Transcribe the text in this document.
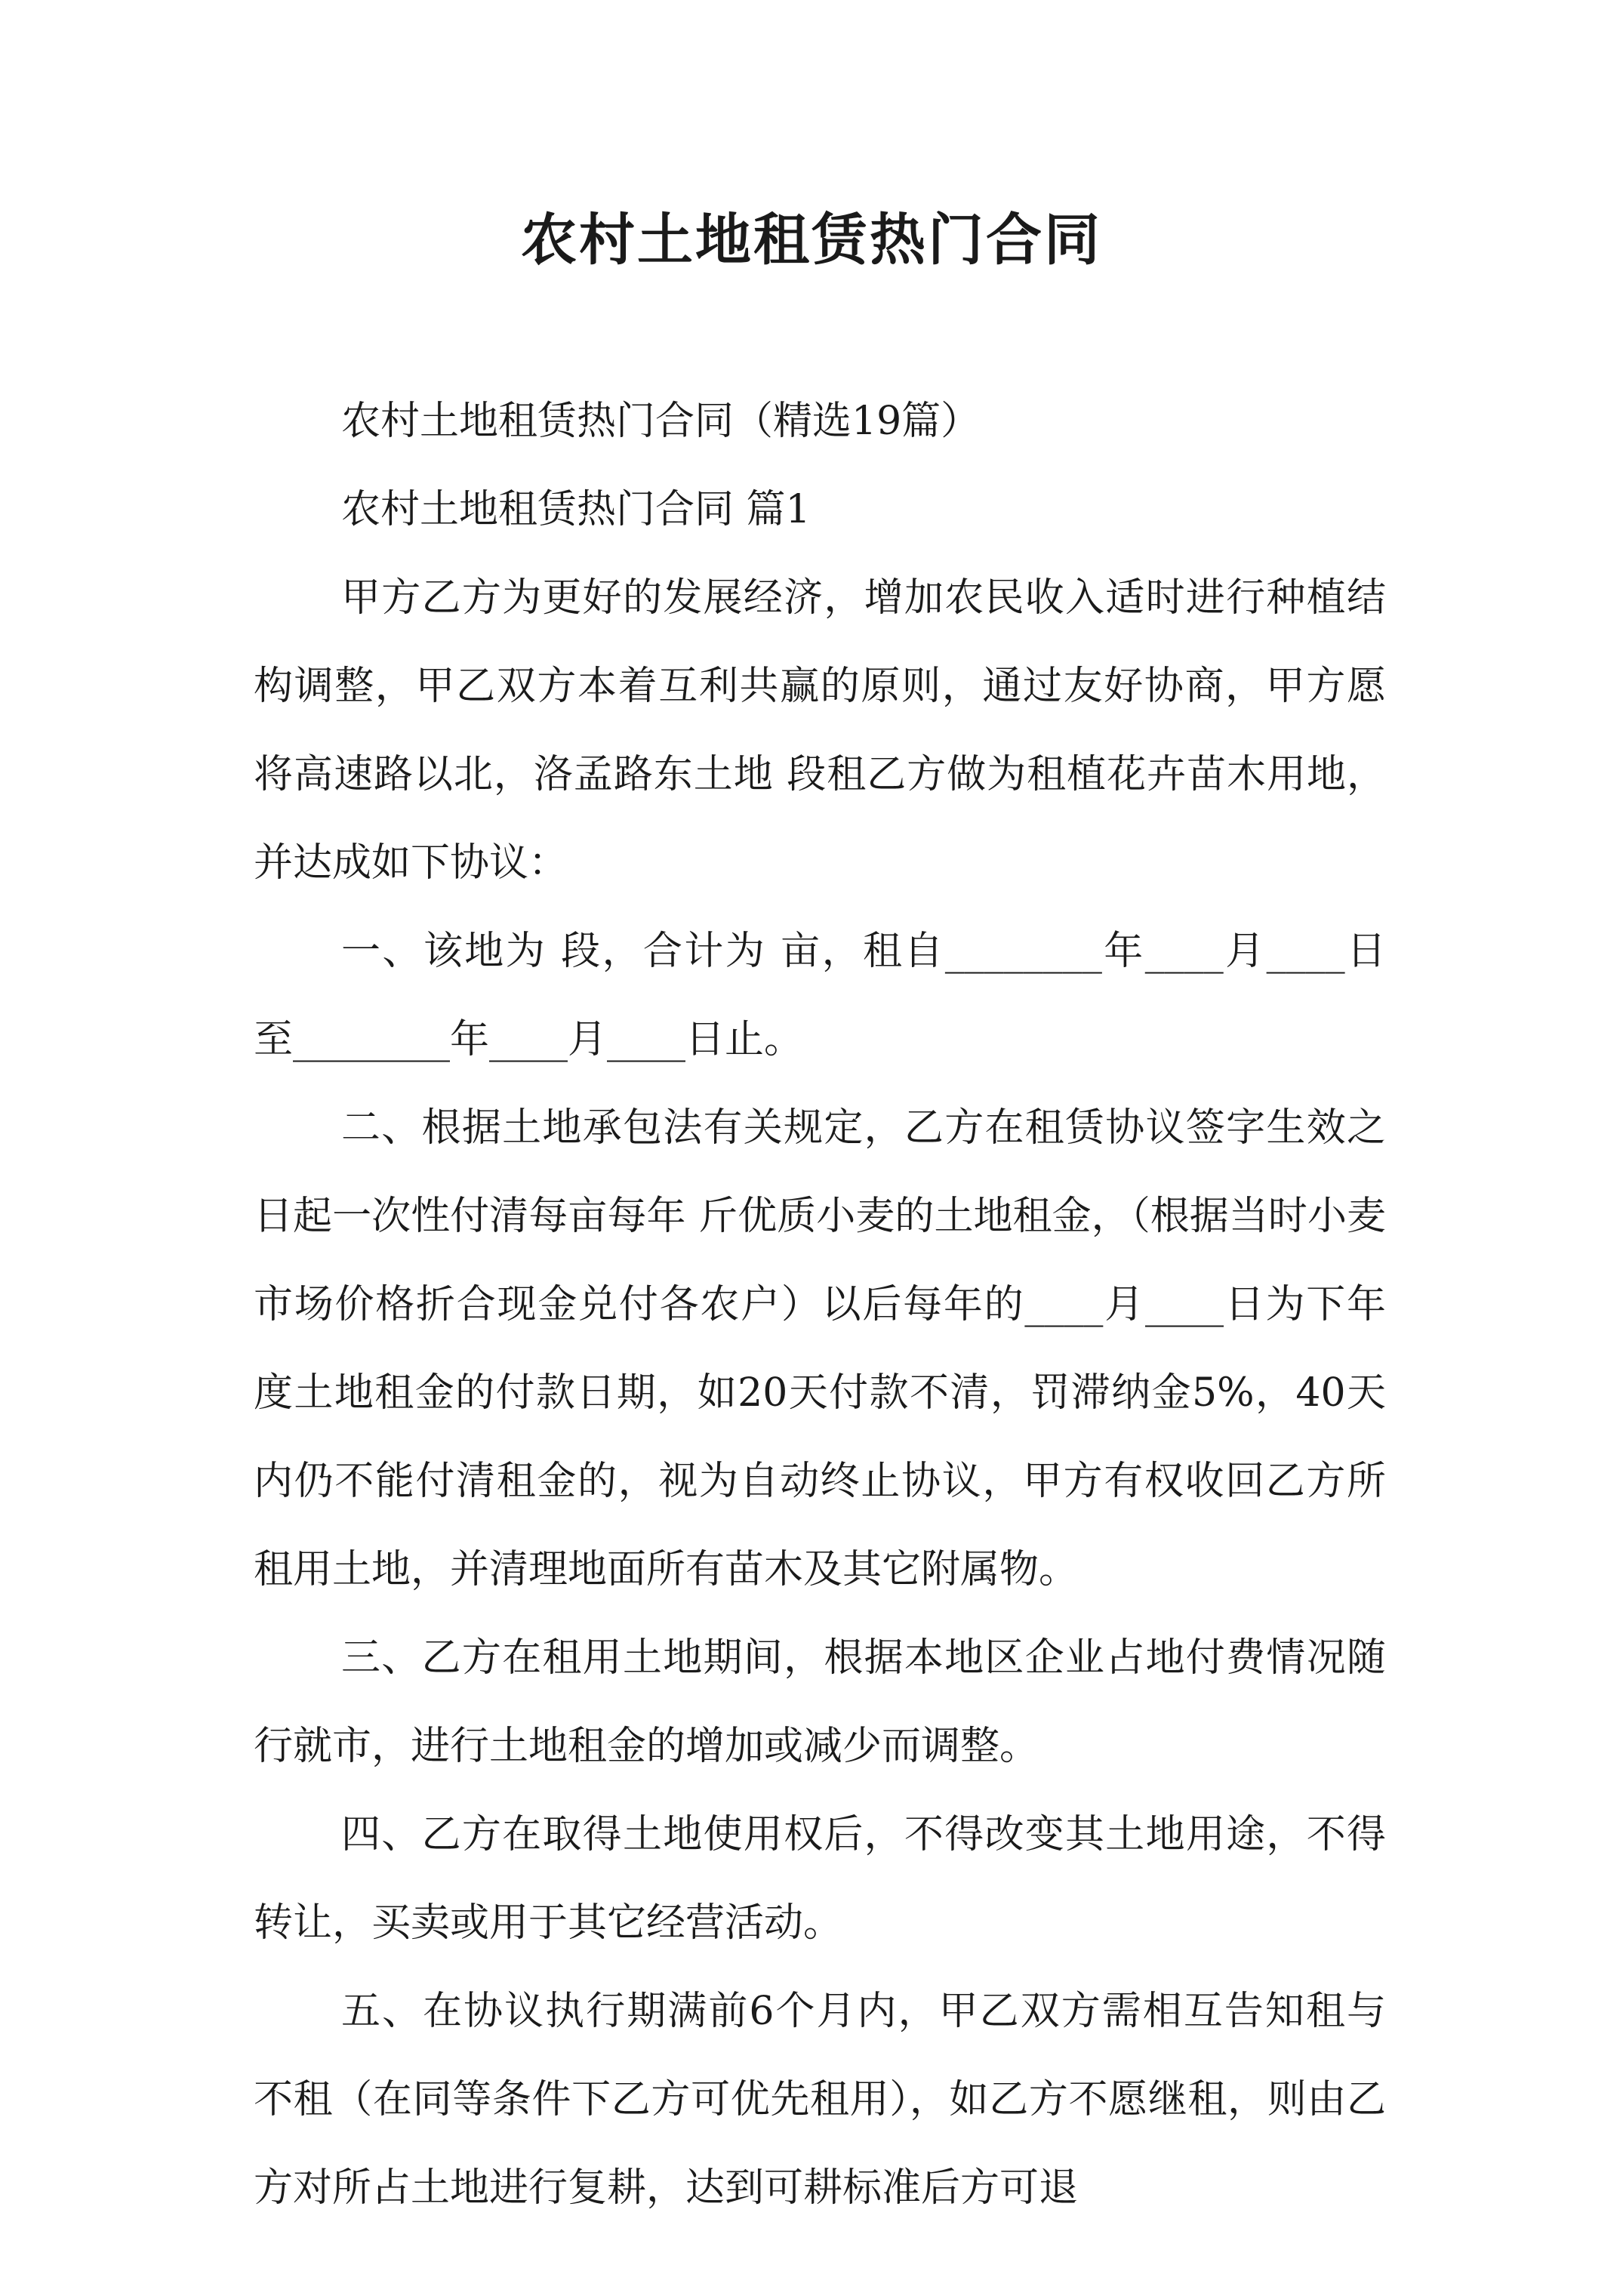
农村土地租赁热门合同

农村土地租赁热门合同（精选19篇）

农村土地租赁热门合同 篇1

甲方乙方为更好的发展经济，增加农民收入适时进行种植结构调整，甲乙双方本着互利共赢的原则，通过友好协商，甲方愿将高速路以北，洛孟路东土地 段租乙方做为租植花卉苗木用地，并达成如下协议：

一、该地为 段，合计为 亩，租自________年____月____日至________年____月____日止。

二、根据土地承包法有关规定，乙方在租赁协议签字生效之日起一次性付清每亩每年 斤优质小麦的土地租金，（根据当时小麦市场价格折合现金兑付各农户）以后每年的____月____日为下年度土地租金的付款日期，如20天付款不清，罚滞纳金5%，40天内仍不能付清租金的，视为自动终止协议，甲方有权收回乙方所租用土地，并清理地面所有苗木及其它附属物。

三、乙方在租用土地期间，根据本地区企业占地付费情况随行就市，进行土地租金的增加或减少而调整。

四、乙方在取得土地使用权后，不得改变其土地用途，不得转让，买卖或用于其它经营活动。

五、在协议执行期满前6个月内，甲乙双方需相互告知租与不租（在同等条件下乙方可优先租用），如乙方不愿继租，则由乙方对所占土地进行复耕，达到可耕标准后方可退
